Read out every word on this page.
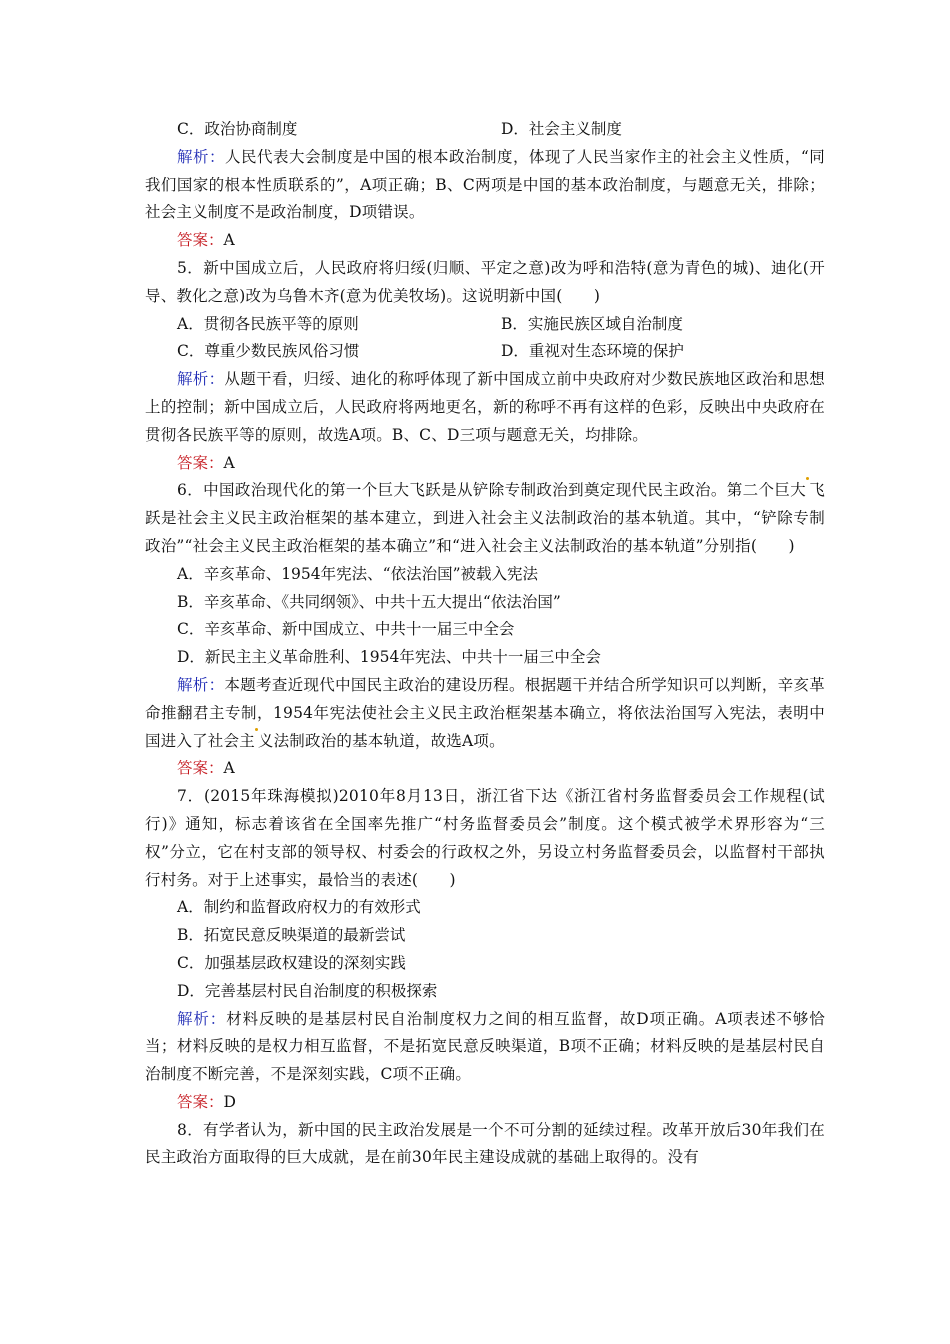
C．政治协商制度	D．社会主义制度
解析：人民代表大会制度是中国的根本政治制度，体现了人民当家作主的社会主义性质，“同我们国家的根本性质联系的”，A项正确；B、C两项是中国的基本政治制度，与题意无关，排除；社会主义制度不是政治制度，D项错误。
答案：A
5．新中国成立后，人民政府将归绥(归顺、平定之意)改为呼和浩特(意为青色的城)、迪化(开导、教化之意)改为乌鲁木齐(意为优美牧场)。这说明新中国(　　)
A．贯彻各民族平等的原则	B．实施民族区域自治制度
C．尊重少数民族风俗习惯	D．重视对生态环境的保护
解析：从题干看，归绥、迪化的称呼体现了新中国成立前中央政府对少数民族地区政治和思想上的控制；新中国成立后，人民政府将两地更名，新的称呼不再有这样的色彩，反映出中央政府在贯彻各民族平等的原则，故选A项。B、C、D三项与题意无关，均排除。
答案：A
6．中国政治现代化的第一个巨大飞跃是从铲除专制政治到奠定现代民主政治。第二个巨大 飞跃是社会主义民主政治框架的基本建立，到进入社会主义法制政治的基本轨道。其中，“铲除专制政治”“社会主义民主政治框架的基本确立”和“进入社会主义法制政治的基本轨道”分别指(　　)
A．辛亥革命、1954年宪法、“依法治国”被载入宪法
B．辛亥革命、《共同纲领》、中共十五大提出“依法治国”
C．辛亥革命、新中国成立、中共十一届三中全会
D．新民主主义革命胜利、1954年宪法、中共十一届三中全会
解析：本题考查近现代中国民主政治的建设历程。根据题干并结合所学知识可以判断，辛亥革命推翻君主专制，1954年宪法使社会主义民主政治框架基本确立，将依法治国写入宪法，表明中国进入了社会主 义法制政治的基本轨道，故选A项。
答案：A
7．(2015年珠海模拟)2010年8月13日，浙江省下达《浙江省村务监督委员会工作规程(试行)》通知，标志着该省在全国率先推广“村务监督委员会”制度。这个模式被学术界形容为“三权”分立，它在村支部的领导权、村委会的行政权之外，另设立村务监督委员会，以监督村干部执行村务。对于上述事实，最恰当的表述(　　)
A．制约和监督政府权力的有效形式
B．拓宽民意反映渠道的最新尝试
C．加强基层政权建设的深刻实践
D．完善基层村民自治制度的积极探索
解析：材料反映的是基层村民自治制度权力之间的相互监督，故D项正确。A项表述不够恰当；材料反映的是权力相互监督，不是拓宽民意反映渠道，B项不正确；材料反映的是基层村民自治制度不断完善，不是深刻实践，C项不正确。
答案：D
8．有学者认为，新中国的民主政治发展是一个不可分割的延续过程。改革开放后30年我们在民主政治方面取得的巨大成就，是在前30年民主建设成就的基础上取得的。没有
